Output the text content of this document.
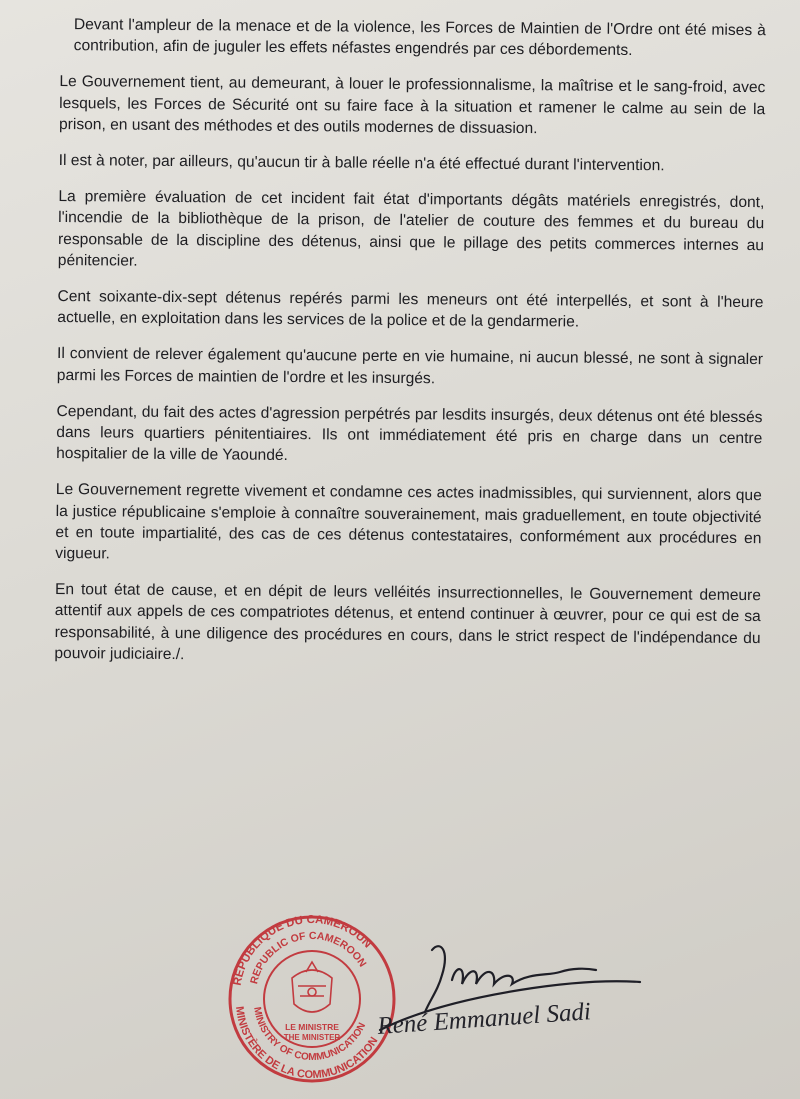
Devant l'ampleur de la menace et de la violence, les Forces de Maintien de l'Ordre ont été mises à contribution, afin de juguler les effets néfastes engendrés par ces débordements.

Le Gouvernement tient, au demeurant, à louer le professionnalisme, la maîtrise et le sang-froid, avec lesquels, les Forces de Sécurité ont su faire face à la situation et ramener le calme au sein de la prison, en usant des méthodes et des outils modernes de dissuasion.

Il est à noter, par ailleurs, qu'aucun tir à balle réelle n'a été effectué durant l'intervention.

La première évaluation de cet incident fait état d'importants dégâts matériels enregistrés, dont, l'incendie de la bibliothèque de la prison, de l'atelier de couture des femmes et du bureau du responsable de la discipline des détenus, ainsi que le pillage des petits commerces internes au pénitencier.

Cent soixante-dix-sept détenus repérés parmi les meneurs ont été interpellés, et sont à l'heure actuelle, en exploitation dans les services de la police et de la gendarmerie.

Il convient de relever également qu'aucune perte en vie humaine, ni aucun blessé, ne sont à signaler parmi les Forces de maintien de l'ordre et les insurgés.

Cependant, du fait des actes d'agression perpétrés par lesdits insurgés, deux détenus ont été blessés dans leurs quartiers pénitentiaires. Ils ont immédiatement été pris en charge dans un centre hospitalier de la ville de Yaoundé.

Le Gouvernement regrette vivement et condamne ces actes inadmissibles, qui surviennent, alors que la justice républicaine s'emploie à connaître souverainement, mais graduellement, en toute objectivité et en toute impartialité, des cas de ces détenus contestataires, conformément aux procédures en vigueur.

En tout état de cause, et en dépit de leurs velléités insurrectionnelles, le Gouvernement demeure attentif aux appels de ces compatriotes détenus, et entend continuer à œuvrer, pour ce qui est de sa responsabilité, à une diligence des procédures en cours, dans le strict respect de l'indépendance du pouvoir judiciaire./.

RÉPUBLIQUE DU CAMEROUN
REPUBLIC OF CAMEROON
MINISTÈRE DE LA COMMUNICATION
MINISTRY OF COMMUNICATION
LE MINISTRE
THE MINISTER René Emmanuel Sadi
